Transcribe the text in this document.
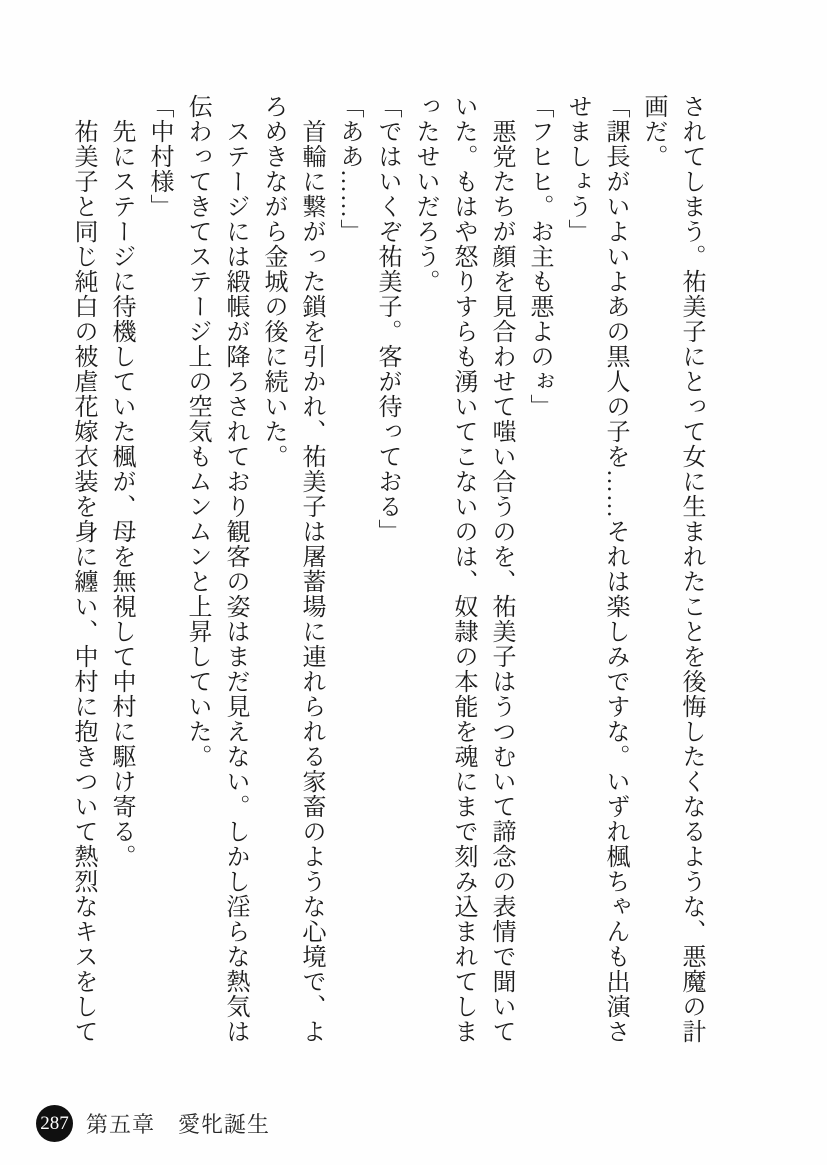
されてしまう。祐美子にとって女に生まれたことを後悔したくなるような、悪魔の計

画だ。

「課長がいよいよあの黒人の子を……それは楽しみですな。いずれ楓ちゃんも出演さ

せましょう」

「フヒヒ。お主も悪よのぉ」

悪党たちが顔を見合わせて嗤い合うのを、祐美子はうつむいて諦念の表情で聞いて

いた。もはや怒りすらも湧いてこないのは、奴隷の本能を魂にまで刻み込まれてしま

ったせいだろう。

「ではいくぞ祐美子。客が待っておる」

「ああ……」

首輪に繋がった鎖を引かれ、祐美子は屠蓄場に連れられる家畜のような心境で、よ

ろめきながら金城の後に続いた。

ステージには緞帳が降ろされており観客の姿はまだ見えない。しかし淫らな熱気は

伝わってきてステージ上の空気もムンムンと上昇していた。

「中村様」

先にステージに待機していた楓が、母を無視して中村に駆け寄る。

祐美子と同じ純白の被虐花嫁衣装を身に纏い、中村に抱きついて熱烈なキスをして

287 第五章　愛牝誕生
